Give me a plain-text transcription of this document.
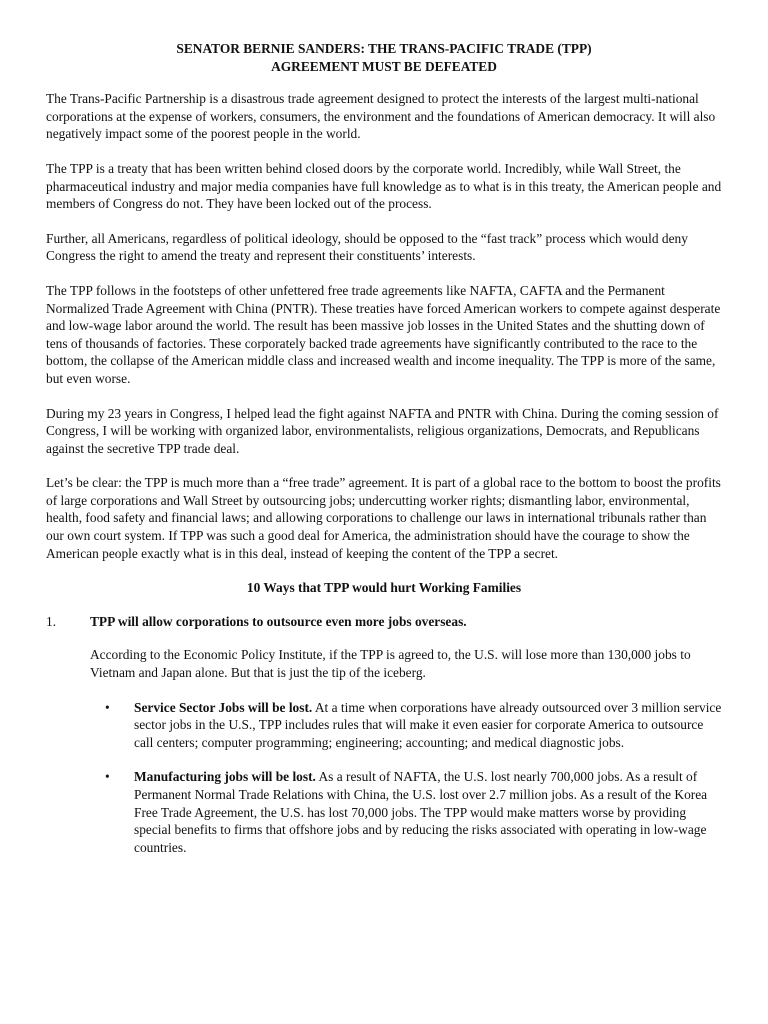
SENATOR BERNIE SANDERS: THE TRANS-PACIFIC TRADE (TPP)
AGREEMENT MUST BE DEFEATED

The Trans-Pacific Partnership is a disastrous trade agreement designed to protect the interests of the largest multi-national corporations at the expense of workers, consumers, the environment and the foundations of American democracy. It will also negatively impact some of the poorest people in the world.

The TPP is a treaty that has been written behind closed doors by the corporate world. Incredibly, while Wall Street, the pharmaceutical industry and major media companies have full knowledge as to what is in this treaty, the American people and members of Congress do not. They have been locked out of the process.

Further, all Americans, regardless of political ideology, should be opposed to the “fast track” process which would deny Congress the right to amend the treaty and represent their constituents’ interests.

The TPP follows in the footsteps of other unfettered free trade agreements like NAFTA, CAFTA and the Permanent Normalized Trade Agreement with China (PNTR). These treaties have forced American workers to compete against desperate and low-wage labor around the world. The result has been massive job losses in the United States and the shutting down of tens of thousands of factories. These corporately backed trade agreements have significantly contributed to the race to the bottom, the collapse of the American middle class and increased wealth and income inequality. The TPP is more of the same, but even worse.

During my 23 years in Congress, I helped lead the fight against NAFTA and PNTR with China. During the coming session of Congress, I will be working with organized labor, environmentalists, religious organizations, Democrats, and Republicans against the secretive TPP trade deal.

Let’s be clear: the TPP is much more than a “free trade” agreement. It is part of a global race to the bottom to boost the profits of large corporations and Wall Street by outsourcing jobs; undercutting worker rights; dismantling labor, environmental, health, food safety and financial laws; and allowing corporations to challenge our laws in international tribunals rather than our own court system. If TPP was such a good deal for America, the administration should have the courage to show the American people exactly what is in this deal, instead of keeping the content of the TPP a secret.

10 Ways that TPP would hurt Working Families
1.	TPP will allow corporations to outsource even more jobs overseas.

According to the Economic Policy Institute, if the TPP is agreed to, the U.S. will lose more than 130,000 jobs to Vietnam and Japan alone. But that is just the tip of the iceberg.

• Service Sector Jobs will be lost. At a time when corporations have already outsourced over 3 million service sector jobs in the U.S., TPP includes rules that will make it even easier for corporate America to outsource call centers; computer programming; engineering; accounting; and medical diagnostic jobs.
• Manufacturing jobs will be lost. As a result of NAFTA, the U.S. lost nearly 700,000 jobs. As a result of Permanent Normal Trade Relations with China, the U.S. lost over 2.7 million jobs. As a result of the Korea Free Trade Agreement, the U.S. has lost 70,000 jobs. The TPP would make matters worse by providing special benefits to firms that offshore jobs and by reducing the risks associated with operating in low-wage countries.
